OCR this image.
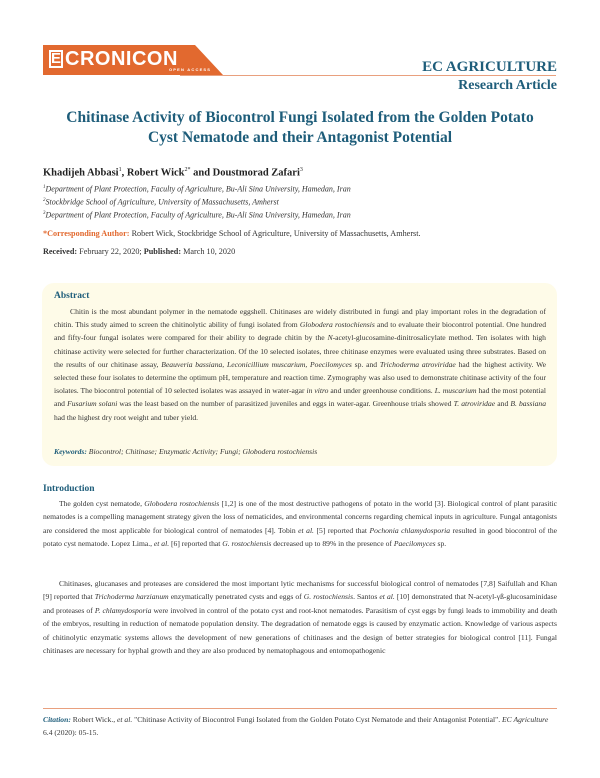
E CRONICON
OPEN ACCESS	EC AGRICULTURE
Research Article
Chitinase Activity of Biocontrol Fungi Isolated from the Golden Potato Cyst Nematode and their Antagonist Potential
Khadijeh Abbasi$^1$, Robert Wick$^{2*}$ and Doustmorad Zafari$^3$
$^1$Department of Plant Protection, Faculty of Agriculture, Bu-Ali Sina University, Hamedan, Iran
$^2$Stockbridge School of Agriculture, University of Massachusetts, Amherst
$^3$Department of Plant Protection, Faculty of Agriculture, Bu-Ali Sina University, Hamedan, Iran
*Corresponding Author: Robert Wick, Stockbridge School of Agriculture, University of Massachusetts, Amherst.
Received: February 22, 2020; Published: March 10, 2020
Abstract
Chitin is the most abundant polymer in the nematode eggshell. Chitinases are widely distributed in fungi and play important roles in the degradation of chitin. This study aimed to screen the chitinolytic ability of fungi isolated from Globodera rostochiensis and to evaluate their biocontrol potential. One hundred and fifty-four fungal isolates were compared for their ability to degrade chitin by the N-acetyl-glucosamine-dinitrosalicylate method. Ten isolates with high chitinase activity were selected for further characterization. Of the 10 selected isolates, three chitinase enzymes were evaluated using three substrates. Based on the results of our chitinase assay, Beauveria bassiana, Leconicillium muscarium, Poecilomyces sp. and Trichoderma atroviridae had the highest activity. We selected these four isolates to determine the optimum pH, temperature and reaction time. Zymography was also used to demonstrate chitinase activity of the four isolates. The biocontrol potential of 10 selected isolates was assayed in water-agar in vitro and under greenhouse conditions. L. muscarium had the most potential and Fusarium solani was the least based on the number of parasitized juveniles and eggs in water-agar. Greenhouse trials showed T. atroviridae and B. bassiana had the highest dry root weight and tuber yield.
Keywords: Biocontrol; Chitinase; Enzymatic Activity; Fungi; Globodera rostochiensis
Introduction
The golden cyst nematode, Globodera rostochiensis [1,2] is one of the most destructive pathogens of potato in the world [3]. Biological control of plant parasitic nematodes is a compelling management strategy given the loss of nematicides, and environmental concerns regarding chemical inputs in agriculture. Fungal antagonists are considered the most applicable for biological control of nematodes [4]. Tobin et al. [5] reported that Pochonia chlamydosporia resulted in good biocontrol of the potato cyst nematode. Lopez Lima., et al. [6] reported that G. rostochiensis decreased up to 89% in the presence of Paecilomyces sp.
Chitinases, glucanases and proteases are considered the most important lytic mechanisms for successful biological control of nematodes [7,8] Saifullah and Khan [9] reported that Trichoderma harzianum enzymatically penetrated cysts and eggs of G. rostochiensis. Santos et al. [10] demonstrated that N-acetyl-γß-glucosaminidase and proteases of P. chlamydosporia were involved in control of the potato cyst and root-knot nematodes. Parasitism of cyst eggs by fungi leads to immobility and death of the embryos, resulting in reduction of nematode population density. The degradation of nematode eggs is caused by enzymatic action. Knowledge of various aspects of chitinolytic enzymatic systems allows the development of new generations of chitinases and the design of better strategies for biological control [11]. Fungal chitinases are necessary for hyphal growth and they are also produced by nematophagous and entomopathogenic
Citation: Robert Wick., et al. "Chitinase Activity of Biocontrol Fungi Isolated from the Golden Potato Cyst Nematode and their Antagonist Potential". EC Agriculture 6.4 (2020): 05-15.
